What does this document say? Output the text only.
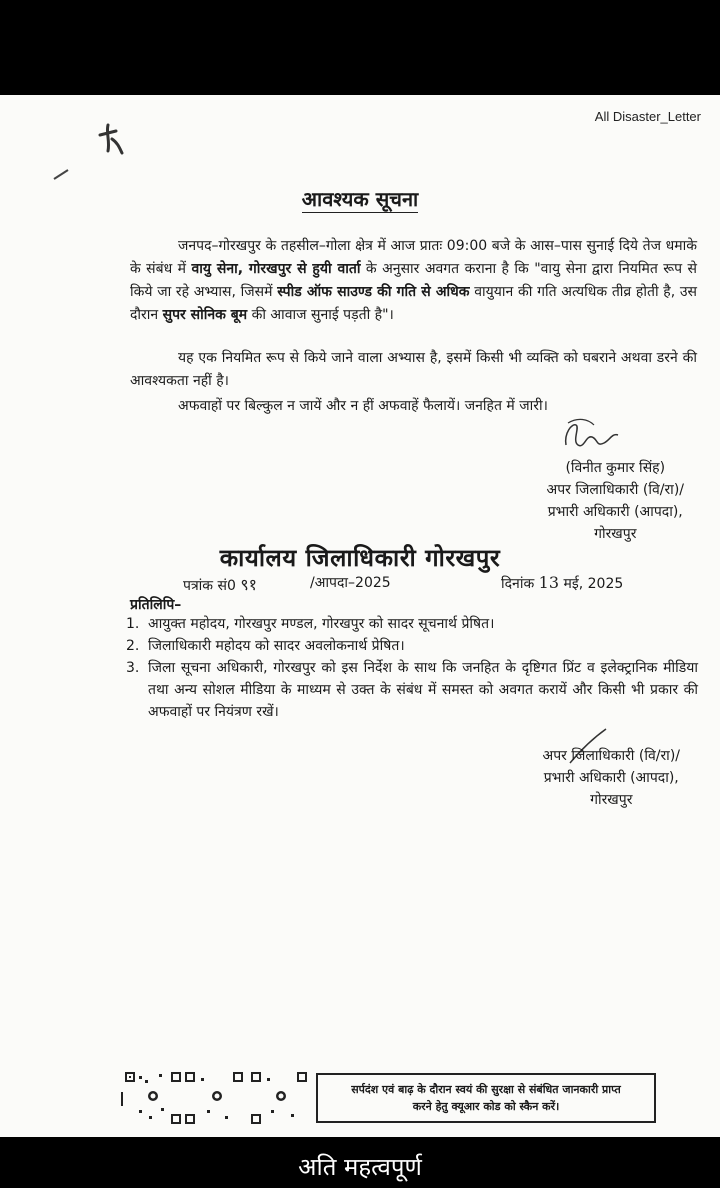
All Disaster_Letter
आवश्यक सूचना
जनपद–गोरखपुर के तहसील–गोला क्षेत्र में आज प्रातः 09:00 बजे के आस–पास सुनाई दिये तेज धमाके के संबंध में वायु सेना, गोरखपुर से हुयी वार्ता के अनुसार अवगत कराना है कि "वायु सेना द्वारा नियमित रूप से किये जा रहे अभ्यास, जिसमें स्पीड ऑफ साउण्ड की गति से अधिक वायुयान की गति अत्यधिक तीव्र होती है, उस दौरान सुपर सोनिक बूम की आवाज सुनाई पड़ती है"।
यह एक नियमित रूप से किये जाने वाला अभ्यास है, इसमें किसी भी व्यक्ति को घबराने अथवा डरने की आवश्यकता नहीं है।
अफवाहों पर बिल्कुल न जायें और न हीं अफवाहें फैलायें। जनहित में जारी।
(विनीत कुमार सिंह)
अपर जिलाधिकारी (वि/रा)/
प्रभारी अधिकारी (आपदा),
गोरखपुर
कार्यालय जिलाधिकारी गोरखपुर
पत्रांक सं0 ९१	/आपदा–2025	दिनांक 13 मई, 2025
प्रतिलिपि–
1. आयुक्त महोदय, गोरखपुर मण्डल, गोरखपुर को सादर सूचनार्थ प्रेषित।
2. जिलाधिकारी महोदय को सादर अवलोकनार्थ प्रेषित।
3. जिला सूचना अधिकारी, गोरखपुर को इस निर्देश के साथ कि जनहित के दृष्टिगत प्रिंट व इलेक्ट्रानिक मीडिया तथा अन्य सोशल मीडिया के माध्यम से उक्त के संबंध में समस्त को अवगत करायें और किसी भी प्रकार की अफवाहों पर नियंत्रण रखें।
अपर जिलाधिकारी (वि/रा)/
प्रभारी अधिकारी (आपदा),
गोरखपुर
सर्पदंश एवं बाढ़ के दौरान स्वयं की सुरक्षा से संबंधित जानकारी प्राप्त
करने हेतु क्यूआर कोड को स्कैन करें।
अति महत्वपूर्ण
